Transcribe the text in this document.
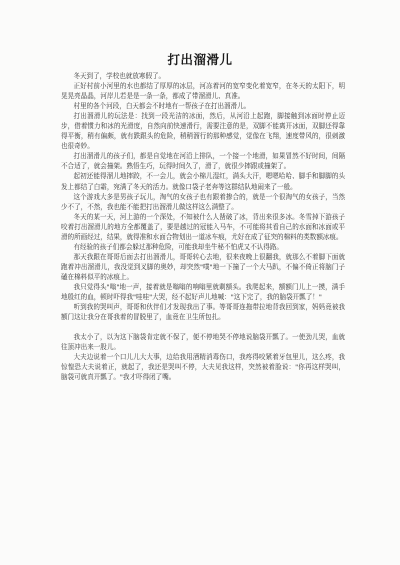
打出溜滑儿

冬天到了，学校也就放寒假了。

正好村前小河里的水也都结了厚厚的冰层，河冻着河的宽窄变化着宽窄，在冬天的太阳下，明晃晃亮晶晶，河岸儿若是是一条一条，都成了带溜滑儿、真准。

村里的各个河段，白天都会不时地有一帮孩子在打出溜滑儿。

打出溜滑儿的玩法是：找到一段光洁的冰面，然后，从河沿上起跑，脚接触到冰面时停止迈步，借着惯力和冰的光滑度，自然向前快速滑行，需要注意的是，双脚不能离开冰面，双脚还得靠得平衡，稍有偏颇，就有跌跟头的危险，稍稍溜行的那种感觉，觉像在飞翔，速度带风的，很刺激也很奇妙。

打出溜滑儿的孩子们，都是自觉地在河沿上排队，一个接一个地滑，如果冒然不好时间，间隔不合适了，就会撞架。熟悟生巧，玩得时间久了，滑了，就很少摔跟或撞架了。

起初还能得溜儿地摔跤，不一会儿，就会小棉儿湿红，满头大汗，嗯嗯哈哈、脚手和脚脚的头发上都结了白霜，宛满了冬天的活力。就像口袋子老奔等这群结队地闹来了一般。

这个游戏大多是男孩子玩儿，淘气的女孩子也有跟着掺合的，就是一个很淘气的女孩子，当然少不了，不然，我也能不能把打出溜滑儿做这样这么满整了。

冬天的某一天，河上游的一个深处，不知被什么人凿破了冰，背出来很多冰。冬雪掉下游孩子咬着打出溜滑儿的地方全都覆盖了，要是越过的冠能入马车，不可能将其看自己的水面和冰面或平滑的所画经过，结果，就得准和水面合物划出一道冰车痕，尤好在成了征突的棉料的类数额冰痕。

有经验的孩子们都会躲过那种危险，可能我却坐牛秘不怕虎又不认得路。

那天我跟在哥哥后面去打出溜滑儿，哥哥转心去地，很来夜晚上很翻我，就那么不着脚下面就跑着冲出溜滑儿，我没觉到叉脚的奥妙，却突然"噗"地一下撞了一个大马趴，不偏不倚正将脑门子磕在棉料似平的冰痕上。

我只觉得头"嗡"地一声，接着就是嗡嗡的响嗡里就剩额头。我爬起来，额额门儿上一摸，满手地殷红的血，顿时吓得我"哇哇"大哭，经不起好声儿地喊："这下完了，我的脑袋开瓢了！"

听到我的哭叫声，哥哥和伙伴们才发现我出了事。等哥哥连拖带拉地背我回到家，妈妈竟被我额门这让我分在哥我着的冒脱里了，血竟在卫生所包扎。

我太小了，以为这下脑袋肯定就不保了，便不停地哭不停地说脑袋开瓢了。一使劲儿哭，血就往顶冲出来一股儿。

大夫边说着一个口儿儿大大事，边给我用酒精消毒伤口，我疼得咬紧着牙包里儿，这么疼，我惊惶恐大夫说着正，就起了，我还是哭叫不停，大夫见我这样，突然被着脸说："你再这样哭叫，脑袋可就真开瓢了。"我才吓得闭了嘴。
